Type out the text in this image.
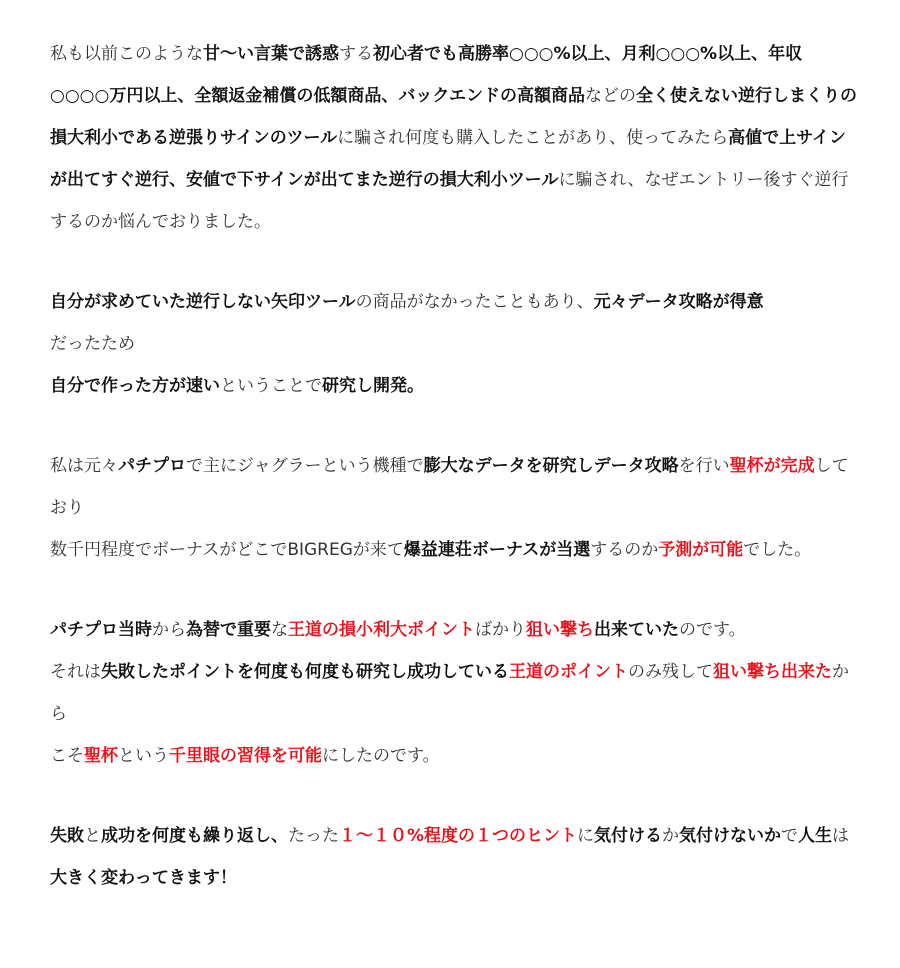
私も以前このような甘〜い言葉で誘惑する初心者でも高勝率○○○%以上、月利○○○%以上、年収○○○○万円以上、全額返金補償の低額商品、バックエンドの高額商品などの全く使えない逆行しまくりの損大利小である逆張りサインのツールに騙され何度も購入したことがあり、使ってみたら高値で上サインが出てすぐ逆行、安値で下サインが出てまた逆行の損大利小ツールに騙され、なぜエントリー後すぐ逆行するのか悩んでおりました。
自分が求めていた逆行しない矢印ツールの商品がなかったこともあり、元々データ攻略が得意
だったため
自分で作った方が速いということで研究し開発。
私は元々パチプロで主にジャグラーという機種で膨大なデータを研究しデータ攻略を行い聖杯が完成しており
数千円程度でボーナスがどこでBIGREGが来て爆益連荘ボーナスが当選するのか予測が可能でした。
パチプロ当時から為替で重要な王道の損小利大ポイントばかり狙い撃ち出来ていたのです。
それは失敗したポイントを何度も何度も研究し成功している王道のポイントのみ残して狙い撃ち出来たから
こそ聖杯という千里眼の習得を可能にしたのです。
失敗と成功を何度も繰り返し、たった１〜１０%程度の１つのヒントに気付けるか気付けないかで人生は
大きく変わってきます！
